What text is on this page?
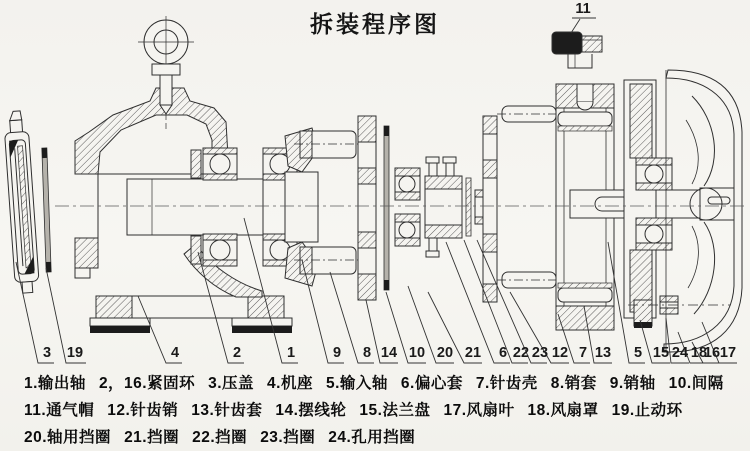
拆装程序图
11
3	19	4	2	1	9	8 14 10 20 21	6 22 23 12 7 13	5 15 24 18
16 17
1.输出轴 2，16.紧固环 3.压盖 4.机座 5.输入轴 6.偏心套 7.针齿壳 8.销套 9.销轴 10.间隔
11.通气帽 12.针齿销 13.针齿套 14.摆线轮 15.法兰盘 17.风扇叶 18.风扇罩 19.止动环
20.轴用挡圈 21.挡圈 22.挡圈 23.挡圈 24.孔用挡圈
